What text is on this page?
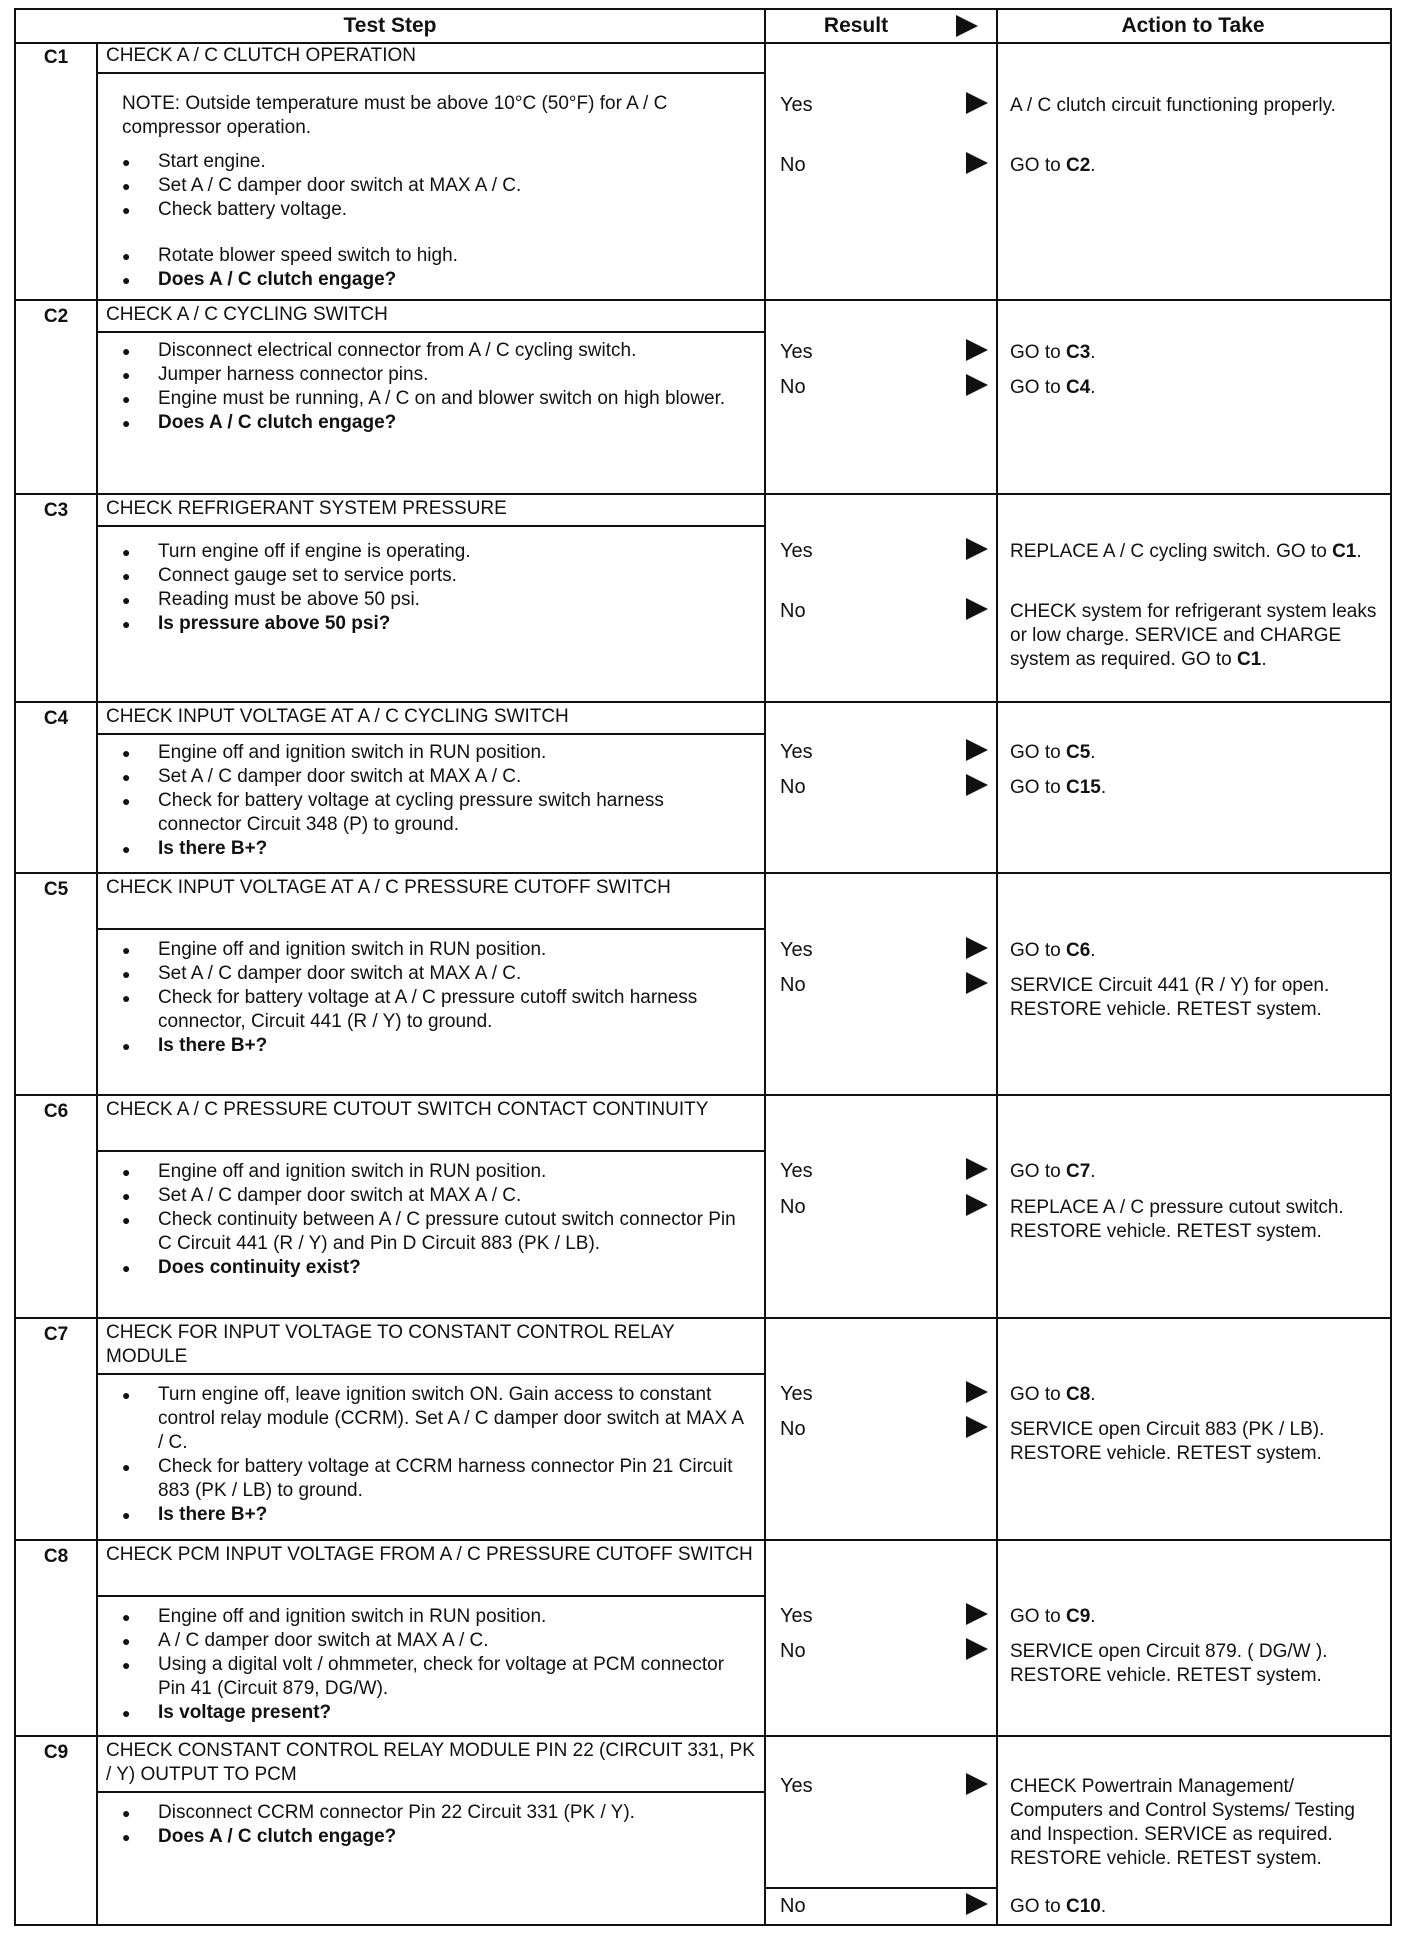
Test Step	Result	Action to Take
C1	CHECK A / C CLUTCH OPERATION
NOTE: Outside temperature must be above 10°C (50°F) for A / C compressor operation.
● Start engine.
● Set A / C damper door switch at MAX A / C.
● Check battery voltage.
● Rotate blower speed switch to high.
● Does A / C clutch engage?
Yes	A / C clutch circuit functioning properly.
No	GO to C2.
C2	CHECK A / C CYCLING SWITCH
● Disconnect electrical connector from A / C cycling switch.
● Jumper harness connector pins.
● Engine must be running, A / C on and blower switch on high blower.
● Does A / C clutch engage?
Yes	GO to C3.
No	GO to C4.
C3	CHECK REFRIGERANT SYSTEM PRESSURE
● Turn engine off if engine is operating.
● Connect gauge set to service ports.
● Reading must be above 50 psi.
● Is pressure above 50 psi?
Yes	REPLACE A / C cycling switch. GO to C1.
No	CHECK system for refrigerant system leaks or low charge. SERVICE and CHARGE system as required. GO to C1.
C4	CHECK INPUT VOLTAGE AT A / C CYCLING SWITCH
● Engine off and ignition switch in RUN position.
● Set A / C damper door switch at MAX A / C.
● Check for battery voltage at cycling pressure switch harness connector Circuit 348 (P) to ground.
● Is there B+?
Yes	GO to C5.
No	GO to C15.
C5	CHECK INPUT VOLTAGE AT A / C PRESSURE CUTOFF SWITCH
● Engine off and ignition switch in RUN position.
● Set A / C damper door switch at MAX A / C.
● Check for battery voltage at A / C pressure cutoff switch harness connector, Circuit 441 (R / Y) to ground.
● Is there B+?
Yes	GO to C6.
No	SERVICE Circuit 441 (R / Y) for open. RESTORE vehicle. RETEST system.
C6	CHECK A / C PRESSURE CUTOUT SWITCH CONTACT CONTINUITY
● Engine off and ignition switch in RUN position.
● Set A / C damper door switch at MAX A / C.
● Check continuity between A / C pressure cutout switch connector Pin C Circuit 441 (R / Y) and Pin D Circuit 883 (PK / LB).
● Does continuity exist?
Yes	GO to C7.
No	REPLACE A / C pressure cutout switch. RESTORE vehicle. RETEST system.
C7	CHECK FOR INPUT VOLTAGE TO CONSTANT CONTROL RELAY MODULE
● Turn engine off, leave ignition switch ON. Gain access to constant control relay module (CCRM). Set A / C damper door switch at MAX A / C.
● Check for battery voltage at CCRM harness connector Pin 21 Circuit 883 (PK / LB) to ground.
● Is there B+?
Yes	GO to C8.
No	SERVICE open Circuit 883 (PK / LB). RESTORE vehicle. RETEST system.
C8	CHECK PCM INPUT VOLTAGE FROM A / C PRESSURE CUTOFF SWITCH
● Engine off and ignition switch in RUN position.
● A / C damper door switch at MAX A / C.
● Using a digital volt / ohmmeter, check for voltage at PCM connector Pin 41 (Circuit 879, DG/W).
● Is voltage present?
Yes	GO to C9.
No	SERVICE open Circuit 879. ( DG/W ). RESTORE vehicle. RETEST system.
C9	CHECK CONSTANT CONTROL RELAY MODULE PIN 22 (CIRCUIT 331, PK / Y) OUTPUT TO PCM
● Disconnect CCRM connector Pin 22 Circuit 331 (PK / Y).
● Does A / C clutch engage?
Yes	CHECK Powertrain Management/ Computers and Control Systems/ Testing and Inspection. SERVICE as required. RESTORE vehicle. RETEST system.
No	GO to C10.
